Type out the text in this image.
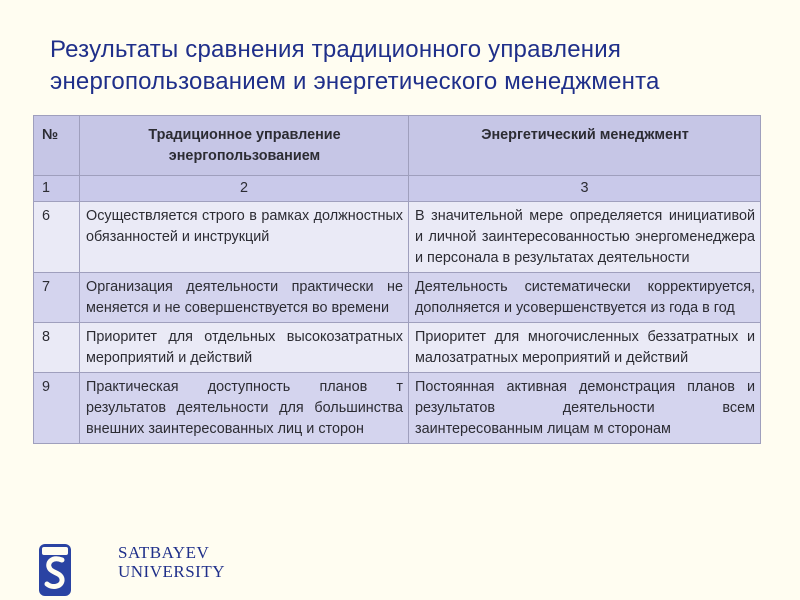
Результаты сравнения традиционного управления энергопользованием и энергетического менеджмента
№	Традиционное управление энергопользованием	Энергетический менеджмент
1	2	3
6	Осуществляется строго в рамках должностных обязанностей и инструкций	В значительной мере определяется инициативой и личной заинтересованностью энергоменеджера и персонала в результатах деятельности
7	Организация деятельности практически не меняется и не совершенствуется во времени	Деятельность систематически корректируется, дополняется и усовершенствуется из года в год
8	Приоритет для отдельных высокозатратных мероприятий и действий	Приоритет для многочисленных беззатратных и малозатратных мероприятий и действий
9	Практическая доступность планов т результатов деятельности для большинства внешних заинтересованных лиц и сторон	Постоянная активная демонстрация планов и результатов деятельности всем заинтересованным лицам м сторонам
SATBAYEV
UNIVERSITY
